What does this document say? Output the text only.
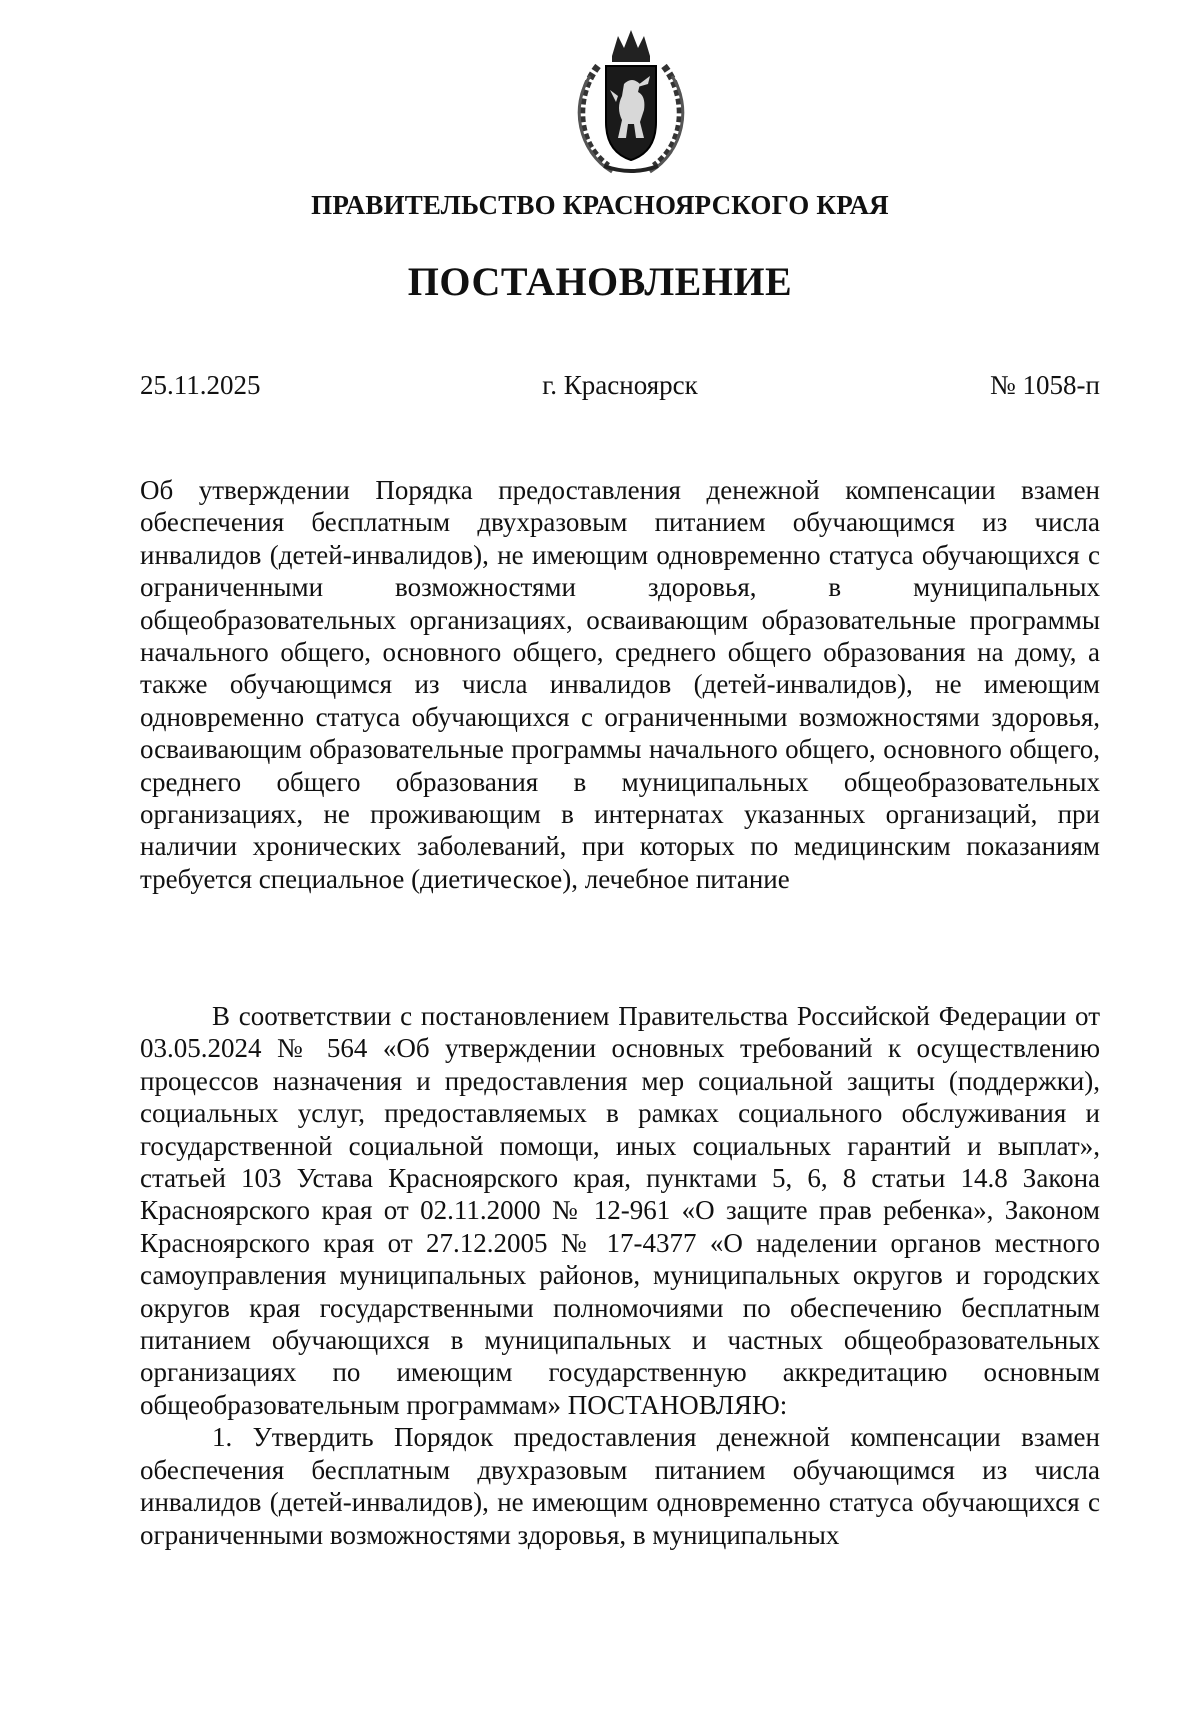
ПРАВИТЕЛЬСТВО КРАСНОЯРСКОГО КРАЯ
ПОСТАНОВЛЕНИЕ
25.11.2025	г. Красноярск	№ 1058-п
Об утверждении Порядка предоставления денежной компенсации взамен обеспечения бесплатным двухразовым питанием обучающимся из числа инвалидов (детей-инвалидов), не имеющим одновременно статуса обучающихся с ограниченными возможностями здоровья, в муниципальных общеобразовательных организациях, осваивающим образовательные программы начального общего, основного общего, среднего общего образования на дому, а также обучающимся из числа инвалидов (детей-инвалидов), не имеющим одновременно статуса обучающихся с ограниченными возможностями здоровья, осваивающим образовательные программы начального общего, основного общего, среднего общего образования в муниципальных общеобразовательных организациях, не проживающим в интернатах указанных организаций, при наличии хронических заболеваний, при которых по медицинским показаниям требуется специальное (диетическое), лечебное питание

В соответствии с постановлением Правительства Российской Федерации от 03.05.2024 № 564 «Об утверждении основных требований к осуществлению процессов назначения и предоставления мер социальной защиты (поддержки), социальных услуг, предоставляемых в рамках социального обслуживания и государственной социальной помощи, иных социальных гарантий и выплат», статьей 103 Устава Красноярского края, пунктами 5, 6, 8 статьи 14.8 Закона Красноярского края от 02.11.2000 № 12-961 «О защите прав ребенка», Законом Красноярского края от 27.12.2005 № 17-4377 «О наделении органов местного самоуправления муниципальных районов, муниципальных округов и городских округов края государственными полномочиями по обеспечению бесплатным питанием обучающихся в муниципальных и частных общеобразовательных организациях по имеющим государственную аккредитацию основным общеобразовательным программам» ПОСТАНОВЛЯЮ:

1. Утвердить Порядок предоставления денежной компенсации взамен обеспечения бесплатным двухразовым питанием обучающимся из числа инвалидов (детей-инвалидов), не имеющим одновременно статуса обучающихся с ограниченными возможностями здоровья, в муниципальных
